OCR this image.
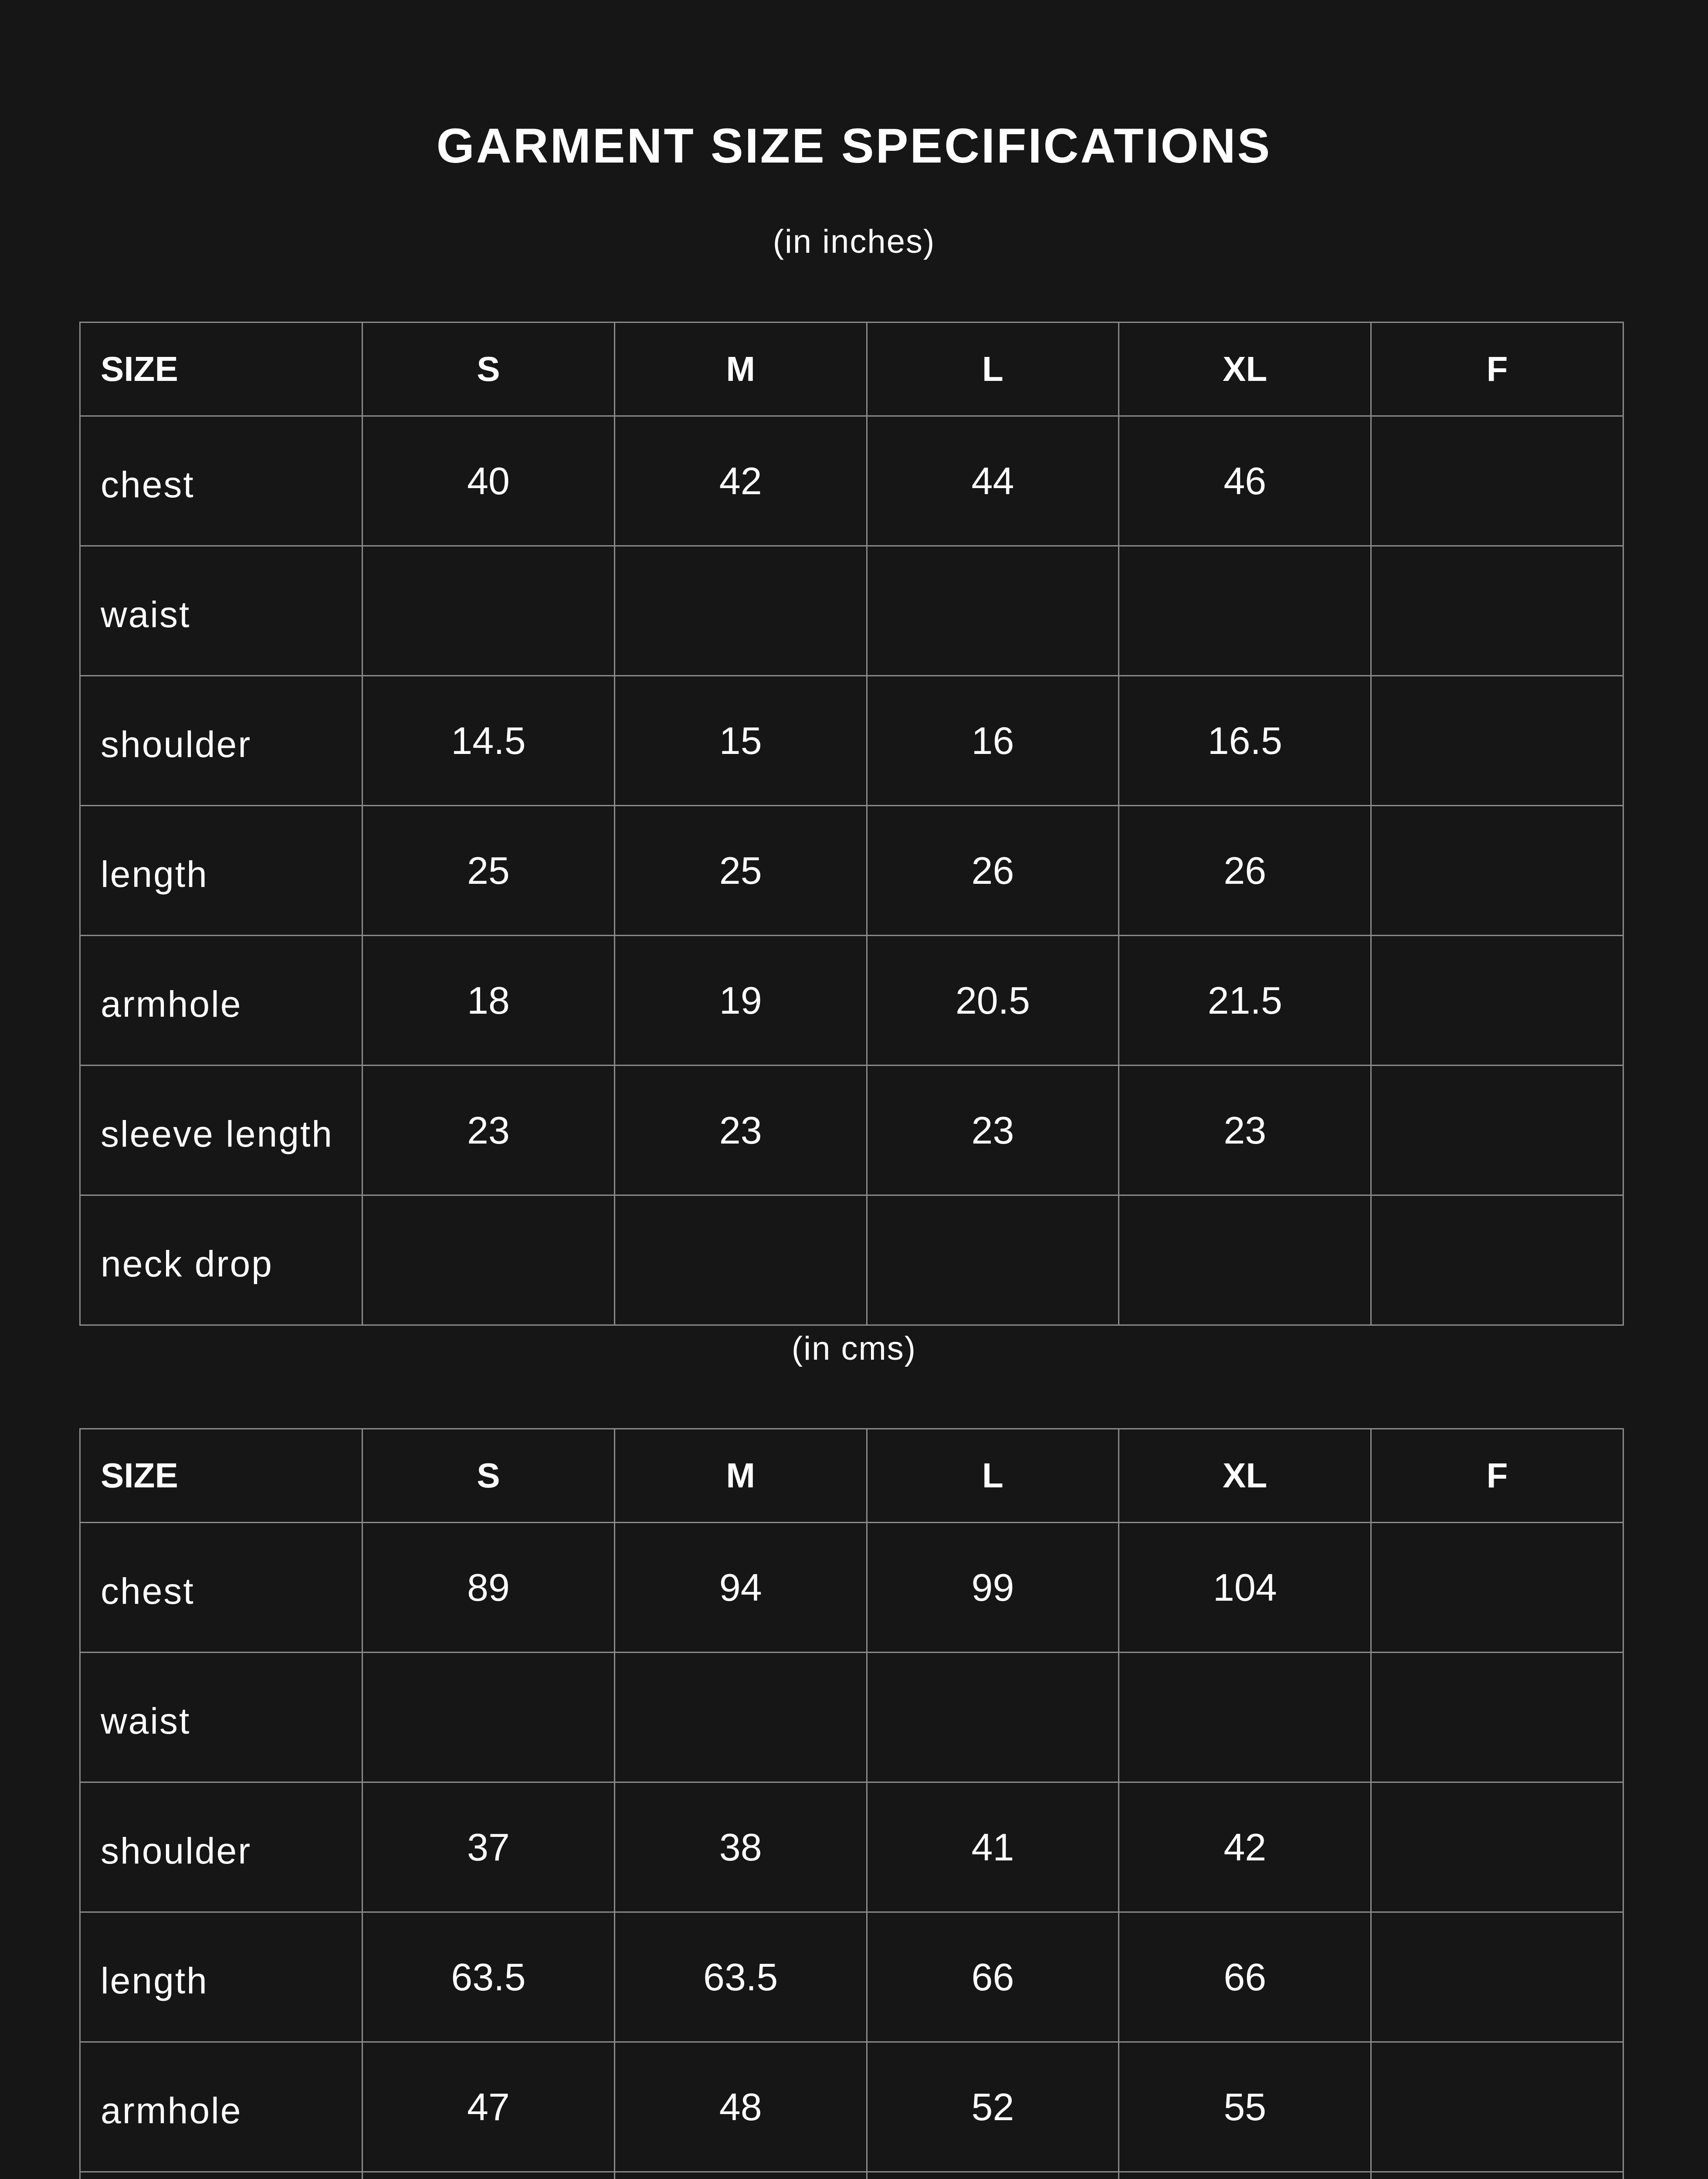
GARMENT SIZE SPECIFICATIONS
(in inches)
SIZE	S	M	L	XL	F
chest	40	42	44	46	
waist					
shoulder	14.5	15	16	16.5	
length	25	25	26	26	
armhole	18	19	20.5	21.5	
sleeve length	23	23	23	23	
neck drop					
(in cms)
SIZE	S	M	L	XL	F
chest	89	94	99	104	
waist					
shoulder	37	38	41	42	
length	63.5	63.5	66	66	
armhole	47	48	52	55	
